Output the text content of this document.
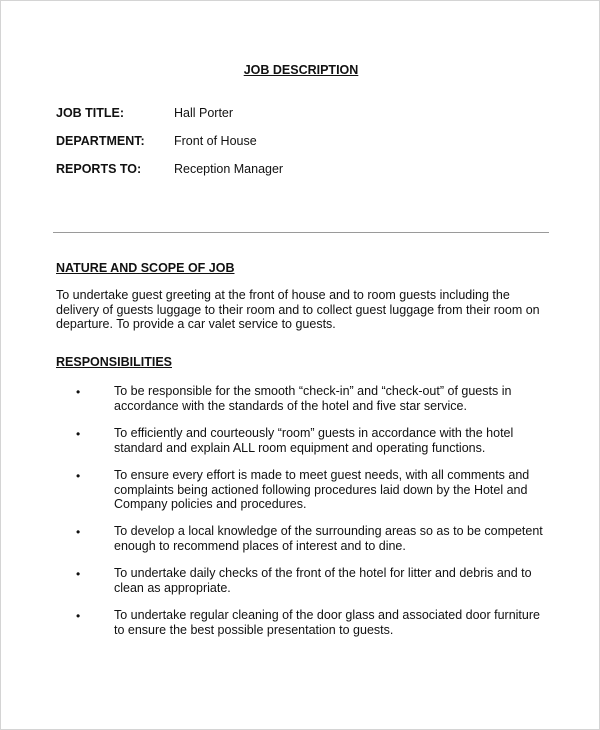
JOB DESCRIPTION
JOB TITLE:	Hall Porter
DEPARTMENT: Front of House
REPORTS TO:	Reception Manager
NATURE AND SCOPE OF JOB
To undertake guest greeting at the front of house and to room guests including the delivery of guests luggage to their room and to collect guest luggage from their room on departure. To provide a car valet service to guests.
RESPONSIBILITIES
•	To be responsible for the smooth “check-in” and “check-out” of guests in accordance with the standards of the hotel and five star service.
•	To efficiently and courteously “room” guests in accordance with the hotel standard and explain ALL room equipment and operating functions.
•	To ensure every effort is made to meet guest needs, with all comments and complaints being actioned following procedures laid down by the Hotel and Company policies and procedures.
•	To develop a local knowledge of the surrounding areas so as to be competent enough to recommend places of interest and to dine.
•	To undertake daily checks of the front of the hotel for litter and debris and to clean as appropriate.
•	To undertake regular cleaning of the door glass and associated door furniture to ensure the best possible presentation to guests.
